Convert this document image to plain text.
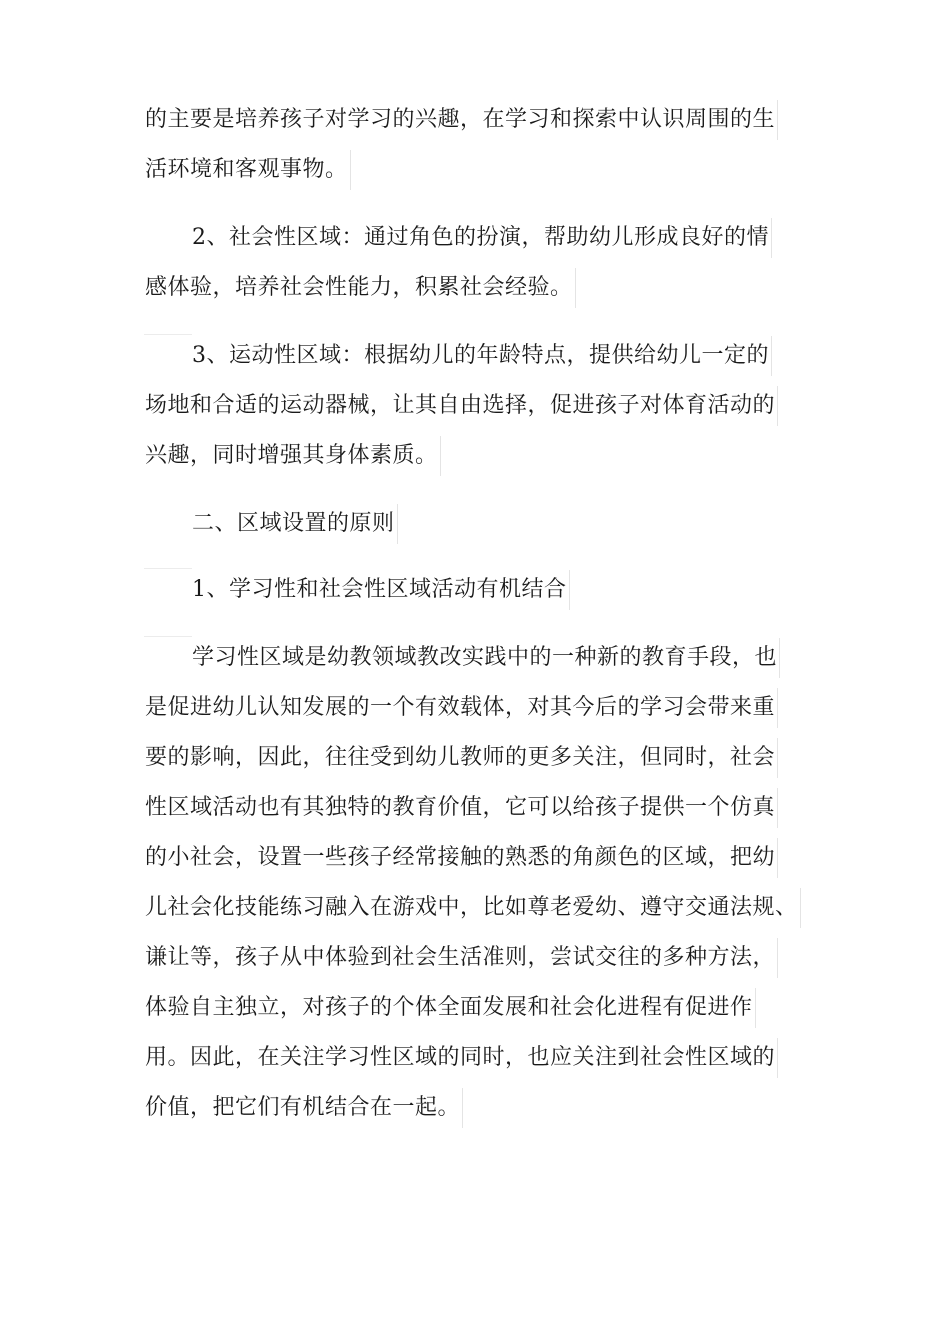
的主要是培养孩子对学习的兴趣，在学习和探索中认识周围的生
活环境和客观事物。
2、社会性区域：通过角色的扮演，帮助幼儿形成良好的情
感体验，培养社会性能力，积累社会经验。
3、运动性区域：根据幼儿的年龄特点，提供给幼儿一定的
场地和合适的运动器械，让其自由选择，促进孩子对体育活动的
兴趣，同时增强其身体素质。
二、区域设置的原则
1、学习性和社会性区域活动有机结合
学习性区域是幼教领域教改实践中的一种新的教育手段，也
是促进幼儿认知发展的一个有效载体，对其今后的学习会带来重
要的影响，因此，往往受到幼儿教师的更多关注，但同时，社会
性区域活动也有其独特的教育价值，它可以给孩子提供一个仿真
的小社会，设置一些孩子经常接触的熟悉的角颜色的区域，把幼
儿社会化技能练习融入在游戏中，比如尊老爱幼、遵守交通法规、
谦让等，孩子从中体验到社会生活准则，尝试交往的多种方法，
体验自主独立，对孩子的个体全面发展和社会化进程有促进作
用。因此，在关注学习性区域的同时，也应关注到社会性区域的
价值，把它们有机结合在一起。
